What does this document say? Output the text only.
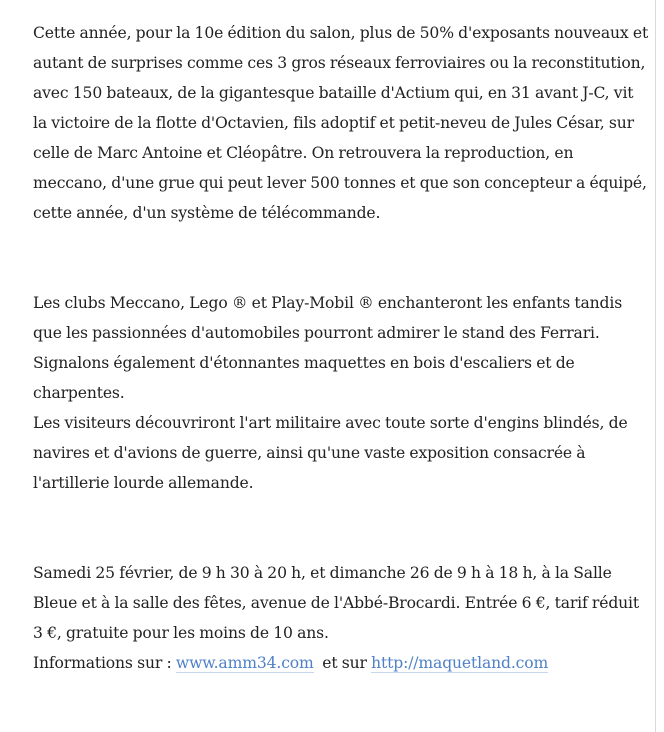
Cette année, pour la 10e édition du salon, plus de 50% d'exposants nouveaux et autant de surprises comme ces 3 gros réseaux ferroviaires ou la reconstitution, avec 150 bateaux, de la gigantesque bataille d'Actium qui, en 31 avant J-C, vit la victoire de la flotte d'Octavien, fils adoptif et petit-neveu de Jules César, sur celle de Marc Antoine et Cléopâtre. On retrouvera la reproduction, en meccano, d'une grue qui peut lever 500 tonnes et que son concepteur a équipé, cette année, d'un système de télécommande.

Les clubs Meccano, Lego ® et Play-Mobil ® enchanteront les enfants tandis que les passionnées d'automobiles pourront admirer le stand des Ferrari. Signalons également d'étonnantes maquettes en bois d'escaliers et de charpentes.

Les visiteurs découvriront l'art militaire avec toute sorte d'engins blindés, de navires et d'avions de guerre, ainsi qu'une vaste exposition consacrée à l'artillerie lourde allemande.

Samedi 25 février, de 9 h 30 à 20 h, et dimanche 26 de 9 h à 18 h, à la Salle Bleue et à la salle des fêtes, avenue de l'Abbé-Brocardi. Entrée 6 €, tarif réduit 3 €, gratuite pour les moins de 10 ans.

Informations sur : www.amm34.com  et sur http://maquetland.com
